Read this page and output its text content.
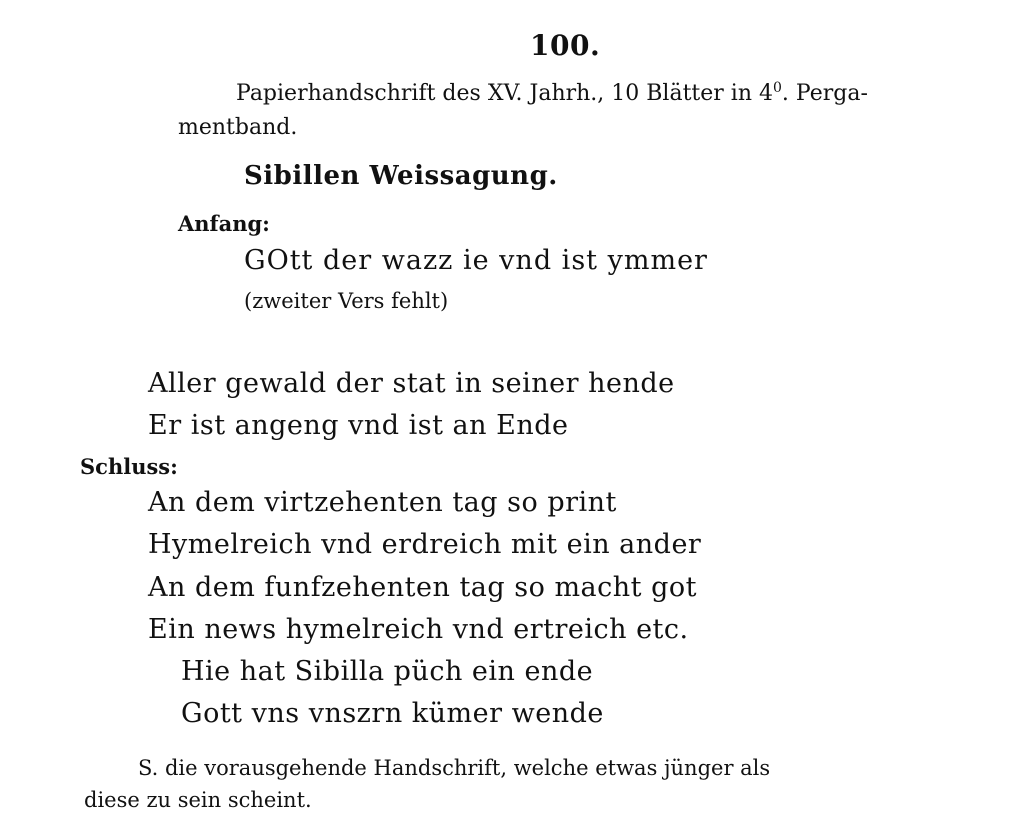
100.
Papierhandschrift des XV. Jahrh., 10 Blätter in $4^0$. Perga-
mentband.
Sibillen Weissagung.
Anfang:
GOtt der wazz ie vnd ist ymmer
(zweiter Vers fehlt)
Aller gewald der stat in seiner hende
Er ist angeng vnd ist an Ende
Schluss:
An dem virtzehenten tag so print
Hymelreich vnd erdreich mit ein ander
An dem funfzehenten tag so macht got
Ein news hymelreich vnd ertreich etc.
Hie hat Sibilla püch ein ende
Gott vns vnszrn kümer wende
S. die vorausgehende Handschrift, welche etwas jünger als
diese zu sein scheint.
